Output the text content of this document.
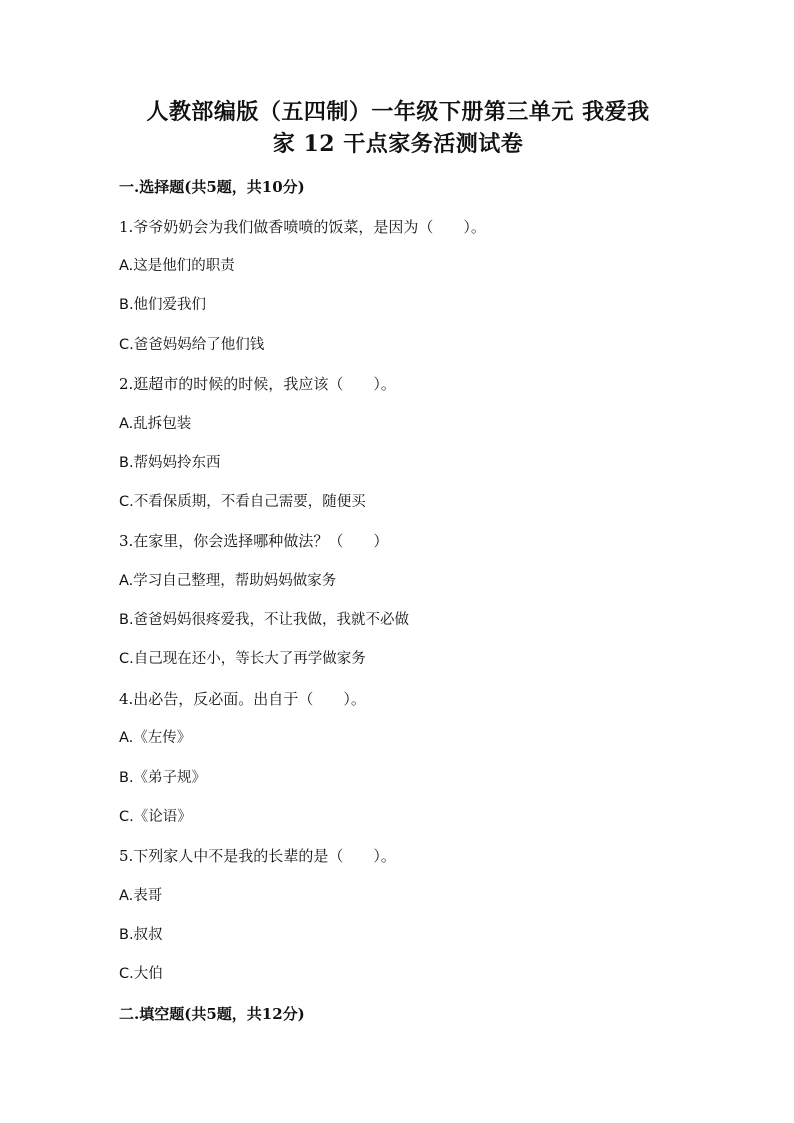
人教部编版（五四制）一年级下册第三单元 我爱我
家 12 干点家务活测试卷
一.选择题(共5题，共10分)
1.爷爷奶奶会为我们做香喷喷的饭菜，是因为（　　）。
A.这是他们的职责
B.他们爱我们
C.爸爸妈妈给了他们钱
2.逛超市的时候的时候，我应该（　　）。
A.乱拆包装
B.帮妈妈拎东西
C.不看保质期，不看自己需要，随便买
3.在家里，你会选择哪种做法？（　　）
A.学习自己整理，帮助妈妈做家务
B.爸爸妈妈很疼爱我，不让我做，我就不必做
C.自己现在还小，等长大了再学做家务
4.出必告，反必面。出自于（　　）。
A.《左传》
B.《弟子规》
C.《论语》
5.下列家人中不是我的长辈的是（　　）。
A.表哥
B.叔叔
C.大伯
二.填空题(共5题，共12分)
